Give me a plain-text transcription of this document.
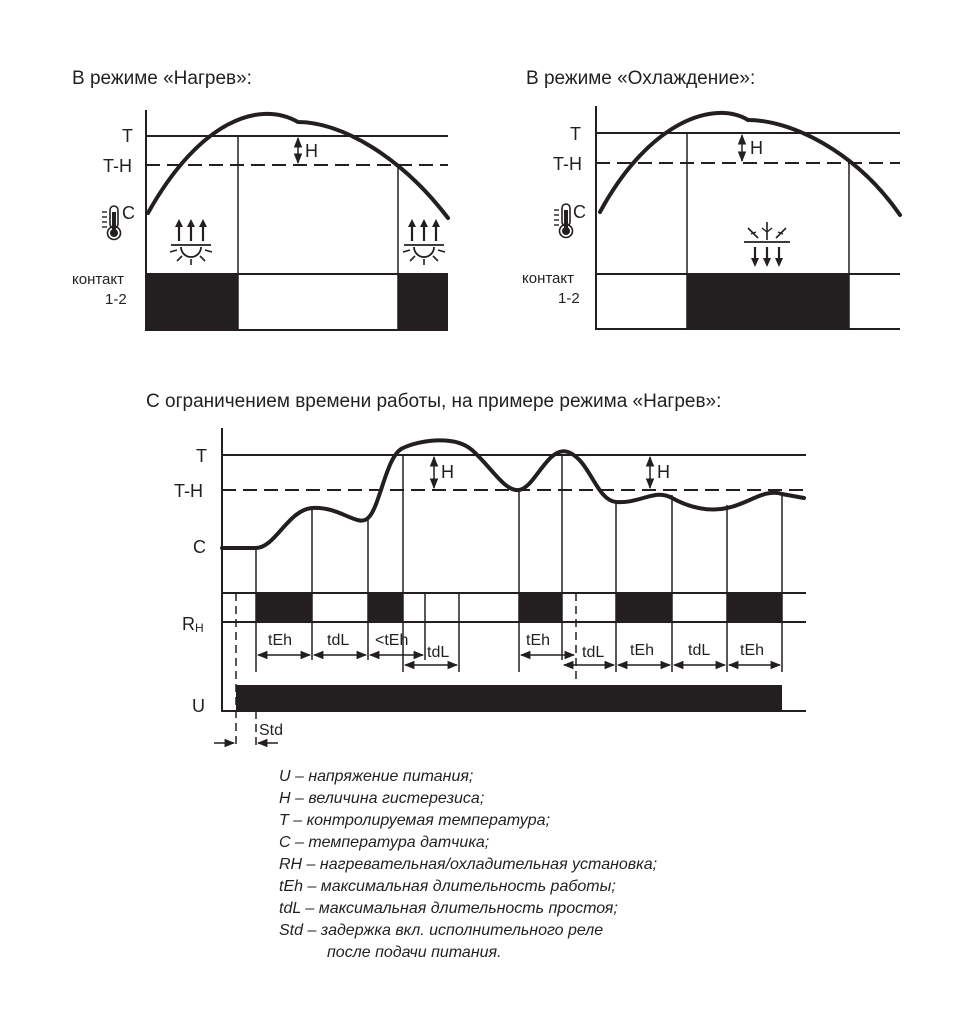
В режиме «Нагрев»:
T
T-H
C
контакт
1-2
H
В режиме «Охлаждение»:
T
T-H
C
контакт
1-2
H
С ограничением времени работы, на примере режима «Нагрев»:
T
T-H
C
RH
U
H	H
tEh tdL <tEh
tdL
tEh
tdL tEh tdL tEh
Std
U – напряжение питания;
H – величина гистерезиса;
T – контролируемая температура;
C – температура датчика;
RH – нагревательная/охладительная установка;
tEh – максимальная длительность работы;
tdL – максимальная длительность простоя;
Std – задержка вкл. исполнительного реле
после подачи питания.
